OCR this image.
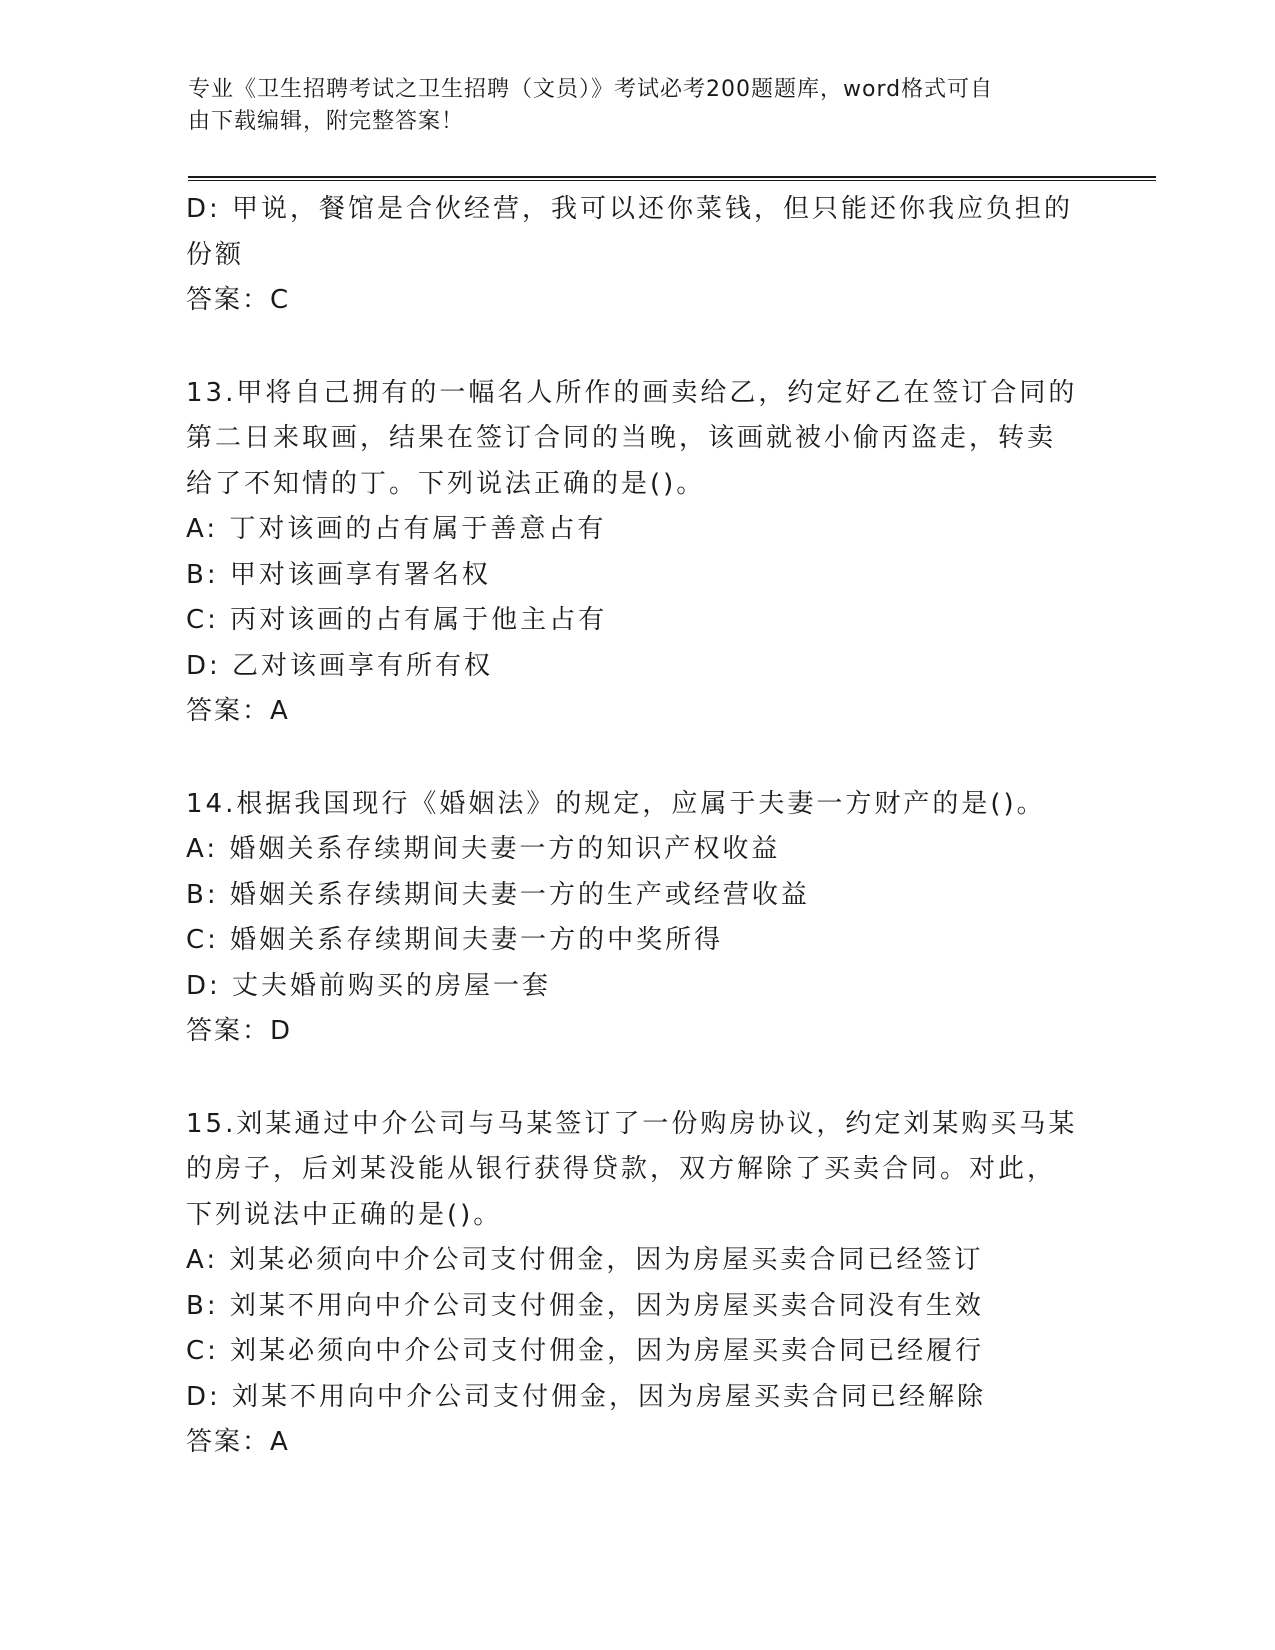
专业《卫生招聘考试之卫生招聘（文员）》考试必考200题题库，word格式可自
由下载编辑，附完整答案！
D: 甲说，餐馆是合伙经营，我可以还你菜钱，但只能还你我应负担的
份额
答案：C
13.甲将自己拥有的一幅名人所作的画卖给乙，约定好乙在签订合同的
第二日来取画，结果在签订合同的当晚，该画就被小偷丙盗走，转卖
给了不知情的丁。下列说法正确的是()。
A: 丁对该画的占有属于善意占有
B: 甲对该画享有署名权
C: 丙对该画的占有属于他主占有
D: 乙对该画享有所有权
答案：A
14.根据我国现行《婚姻法》的规定，应属于夫妻一方财产的是()。
A: 婚姻关系存续期间夫妻一方的知识产权收益
B: 婚姻关系存续期间夫妻一方的生产或经营收益
C: 婚姻关系存续期间夫妻一方的中奖所得
D: 丈夫婚前购买的房屋一套
答案：D
15.刘某通过中介公司与马某签订了一份购房协议，约定刘某购买马某
的房子，后刘某没能从银行获得贷款，双方解除了买卖合同。对此，
下列说法中正确的是()。
A: 刘某必须向中介公司支付佣金，因为房屋买卖合同已经签订
B: 刘某不用向中介公司支付佣金，因为房屋买卖合同没有生效
C: 刘某必须向中介公司支付佣金，因为房屋买卖合同已经履行
D: 刘某不用向中介公司支付佣金，因为房屋买卖合同已经解除
答案：A
